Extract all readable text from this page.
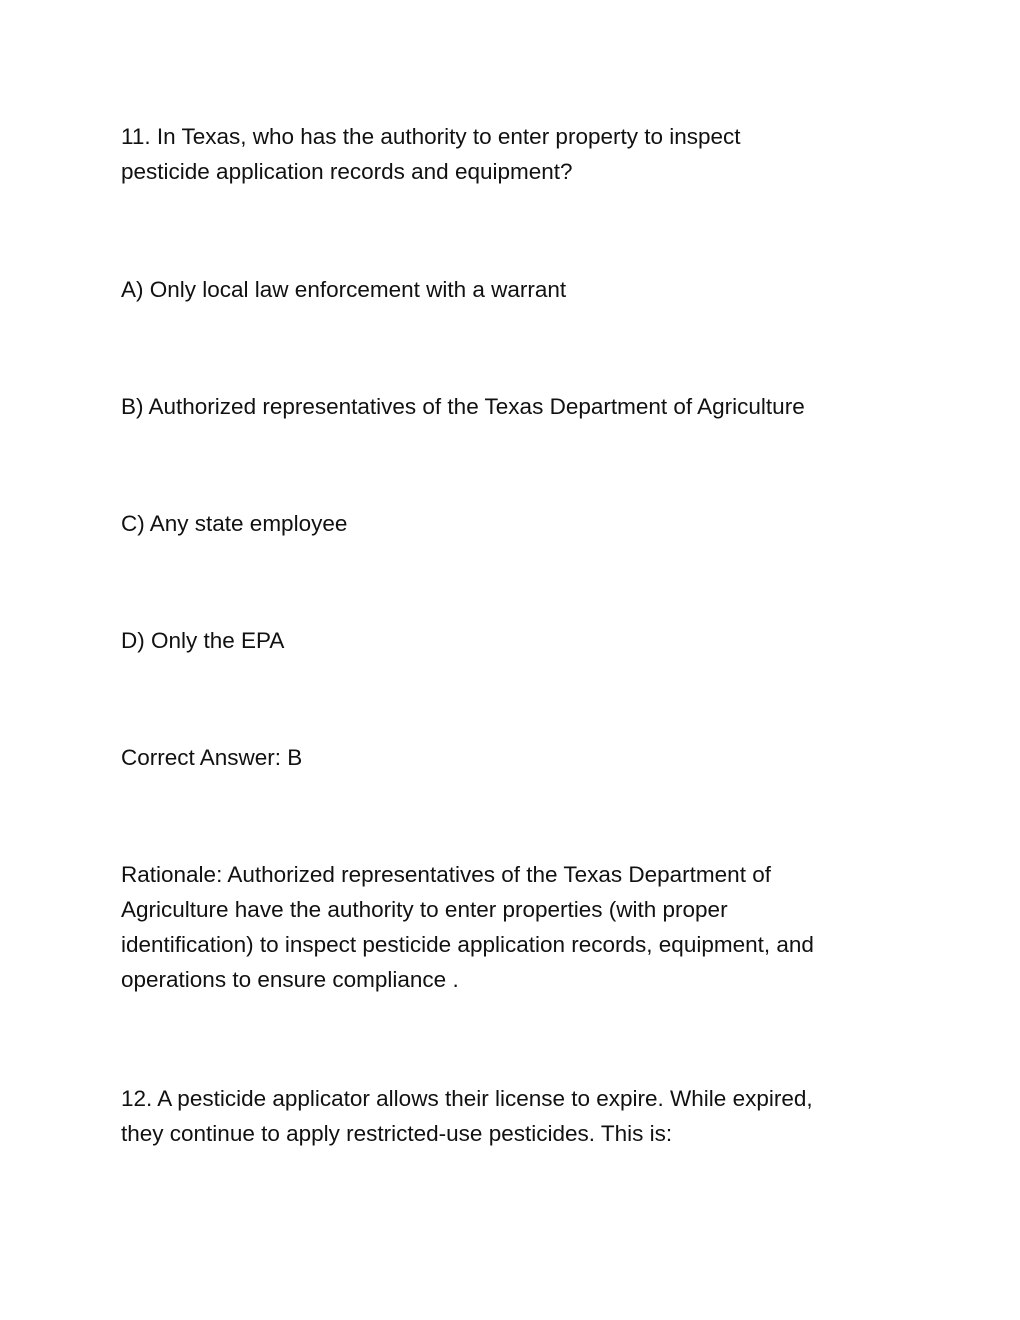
11. In Texas, who has the authority to enter property to inspect
pesticide application records and equipment?
A) Only local law enforcement with a warrant
B) Authorized representatives of the Texas Department of Agriculture
C) Any state employee
D) Only the EPA
Correct Answer: B
Rationale: Authorized representatives of the Texas Department of
Agriculture have the authority to enter properties (with proper
identification) to inspect pesticide application records, equipment, and
operations to ensure compliance .
12. A pesticide applicator allows their license to expire. While expired,
they continue to apply restricted-use pesticides. This is:
